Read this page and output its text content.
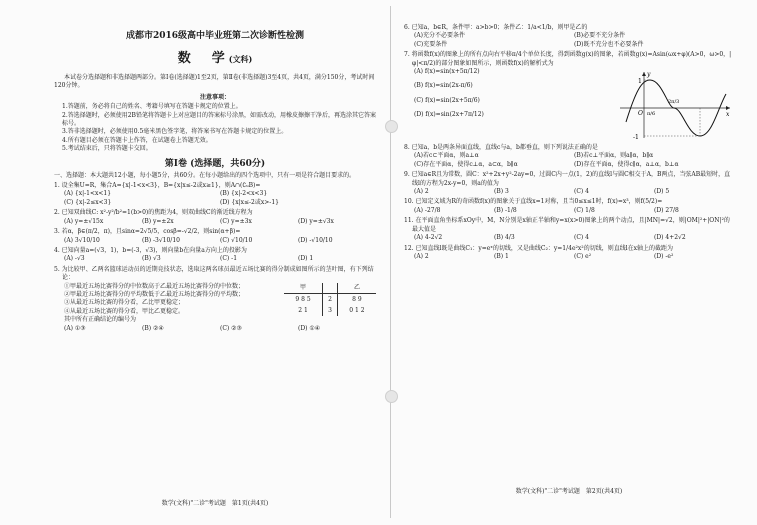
成都市2016级高中毕业班第二次诊断性检测
数　学(文科)

本试卷分选择题和非选择题两部分。第Ⅰ卷(选择题)1至2页，第Ⅱ卷(非选择题)3至4页，共4页，满分150分，考试时间120分钟。

注意事项：
1.答题前，务必将自己的姓名、考籍号填写在答题卡规定的位置上。
2.答选择题时，必须使用2B铅笔将答题卡上对应题目的答案标号涂黑，如需改动，用橡皮擦擦干净后，再选涂其它答案标号。
3.答非选择题时，必须使用0.5毫米黑色签字笔，将答案书写在答题卡规定的位置上。
4.所有题目必须在答题卡上作答，在试题卷上答题无效。
5.考试结束后，只将答题卡交回。
第Ⅰ卷 (选择题，共60分)

一、选择题：本大题共12小题，每小题5分，共60分。在每小题给出的四个选项中，只有一项是符合题目要求的。

1. 设全集U=R，集合A={x|-1<x<3}，B={x|x≤-2或x≥1}，则A∩(∁ᵤB)=

(A) {x|-1<x<1}	(B) {x|-2<x<3}
(C) {x|-2≤x<3}	(D) {x|x≤-2或x>-1}

2. 已知双曲线C: x²-y²/b²=1(b>0)的焦距为4，则双曲线C的渐近线方程为

(A) y=±√15x	(B) y=±2x	(C) y=±3x	(D) y=±√3x

3. 若α，β∈(π/2，π)，且sinα=2√5/5，cosβ=-√2/2，则sin(α+β)=

(A) 3√10/10	(B) -3√10/10	(C) √10/10	(D) -√10/10

4. 已知向量a=(√3，1)，b=(-3，√3)，则向量b在向量a方向上的投影为

(A) -√3	(B) √3	(C) -1	(D) 1

5. 为比较甲、乙两名篮球运动员的近期竞技状态，选取这两名球员最近五场比赛的得分制成如图所示的茎叶图，有下列结论：

①甲最近五场比赛得分的中位数高于乙最近五场比赛得分的中位数；

②甲最近五场比赛得分的平均数低于乙最近五场比赛得分的平均数；

③从最近五场比赛的得分看，乙比甲更稳定；

④从最近五场比赛的得分看，甲比乙更稳定。

甲		乙
9 8 5	2	8 9
2 1	3	0 1 2

其中所有正确结论的编号为

(A) ①③	(B) ②④	(C) ②③	(D) ①④
数学(文科)"二诊"考试题　第1页(共4页)

6. 已知a，b∈R，条件甲：a>b>0；条件乙：1/a<1/b，则甲是乙的

(A)充分不必要条件	(B)必要不充分条件
(C)充要条件	(D)既不充分也不必要条件

7. 将函数f(x)的图象上的所有点向右平移π/4个单位长度，得到函数g(x)的图象，若函数g(x)=Asin(ωx+φ)(A>0，ω>0，|φ|<π/2)的部分图象如图所示，则函数f(x)的解析式为

(A) f(x)=sin(x+5π/12)

(B) f(x)=sin(2x-π/6)

(C) f(x)=sin(2x+5π/6)

(D) f(x)=sin(2x+7π/12)

1
-1
O π/6
2π/3
x
y

8. 已知a，b是两条异面直线，直线c与a，b都垂直，则下列说法正确的是

(A)若c⊂平面α，则a⊥α	(B)若c⊥平面α，则a∥α，b∥α
(C)存在平面α，使得c⊥α，a⊂α，b∥α	(D)存在平面α，使得c∥α，a⊥α，b⊥α

9. 已知a∈R且为常数，圆C：x²+2x+y²-2ay=0，过圆C内一点(1，2)的直线l与圆C相交于A，B两点，当弦AB最短时，直线l的方程为2x-y=0，则a的值为

(A) 2	(B) 3	(C) 4	(D) 5

10. 已知定义域为R的奇函数f(x)的图象关于直线x=1对称，且当0≤x≤1时，f(x)=x³，则f(5/2)=

(A) -27/8	(B) -1/8	(C) 1/8	(D) 27/8

11. 在平面直角坐标系xOy中，M，N分别是x轴正半轴和y=x(x>0)图象上的两个动点，且|MN|=√2，则|OM|²+|ON|²的最大值是

(A) 4-2√2	(B) 4/3	(C) 4	(D) 4+2√2

12. 已知直线l既是曲线C₁：y=eˣ的切线，又是曲线C₂：y=1/4e²x²的切线，则直线l在x轴上的截距为

(A) 2	(B) 1	(C) e²	(D) -e²
数学(文科)"二诊"考试题　第2页(共4页)
